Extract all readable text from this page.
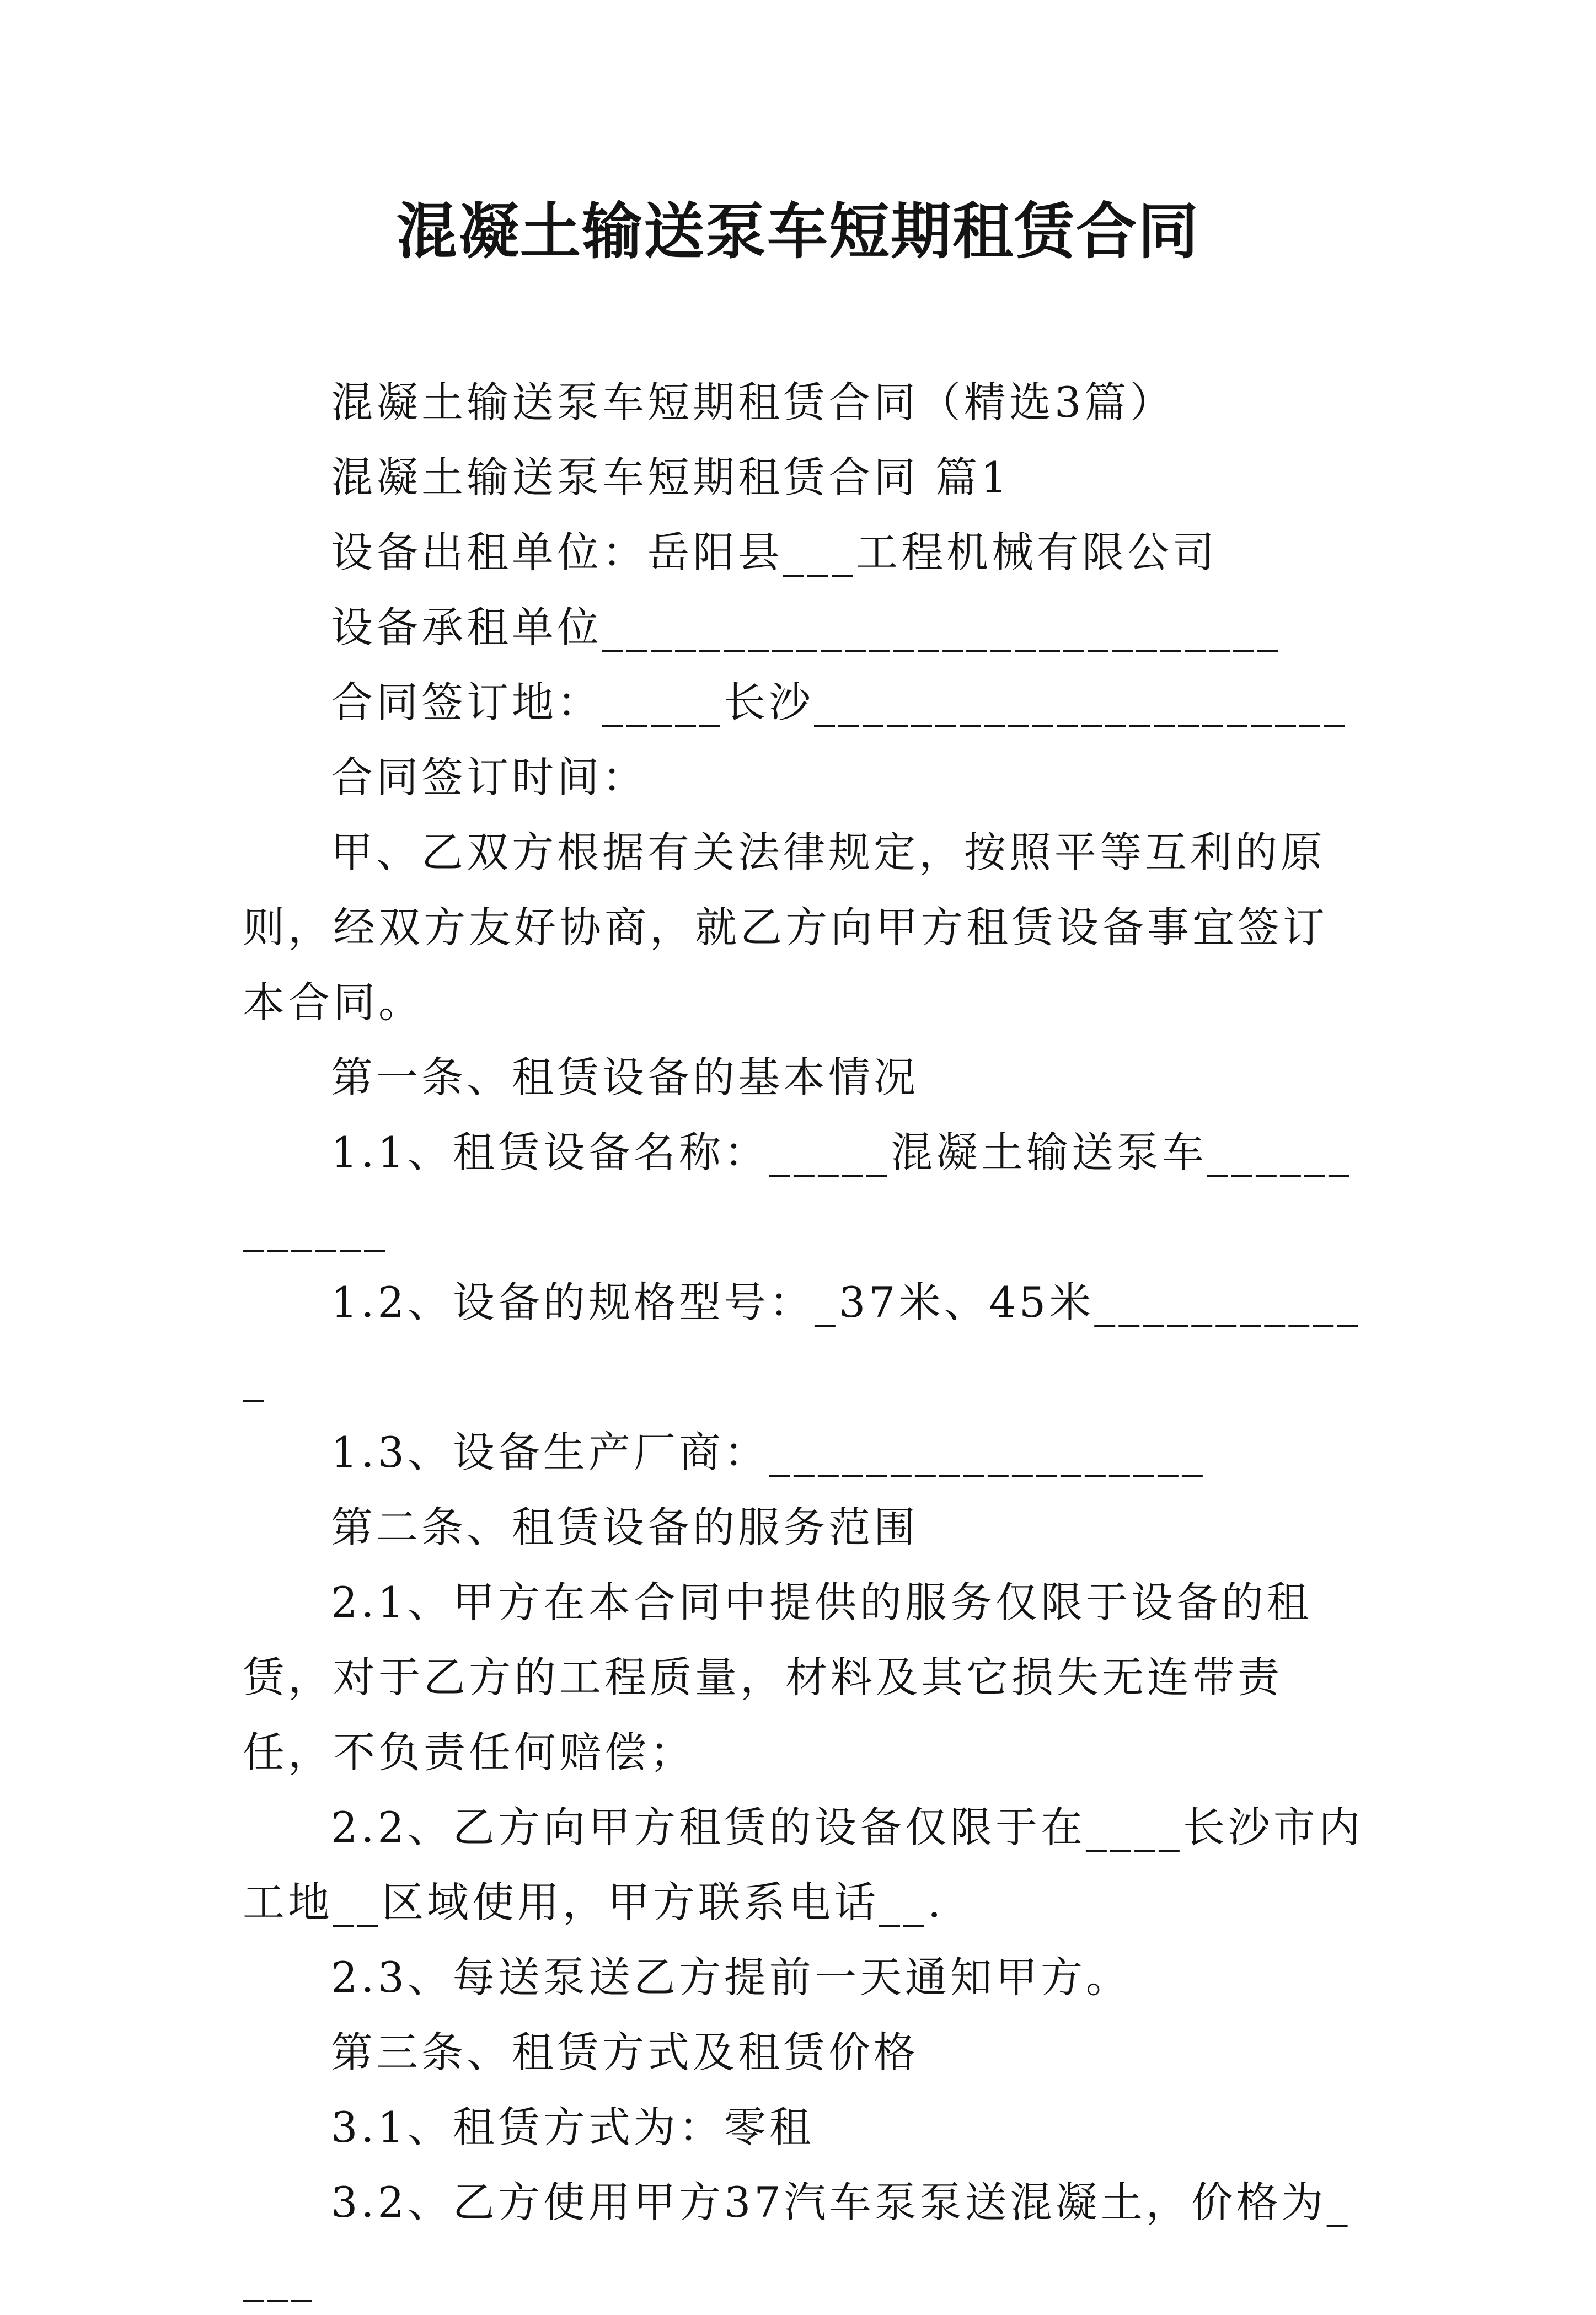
混凝土输送泵车短期租赁合同

混凝土输送泵车短期租赁合同（精选3篇）

混凝土输送泵车短期租赁合同 篇1

设备出租单位：岳阳县___工程机械有限公司

设备承租单位____________________________

合同签订地：_____长沙______________________

合同签订时间：

甲、乙双方根据有关法律规定，按照平等互利的原则，经双方友好协商，就乙方向甲方租赁设备事宜签订本合同。

第一条、租赁设备的基本情况

1.1、租赁设备名称：_____混凝土输送泵车____________

1.2、设备的规格型号：_37米、45米____________

1.3、设备生产厂商：__________________

第二条、租赁设备的服务范围

2.1、甲方在本合同中提供的服务仅限于设备的租赁，对于乙方的工程质量，材料及其它损失无连带责任，不负责任何赔偿；

2.2、乙方向甲方租赁的设备仅限于在____长沙市内工地__区域使用，甲方联系电话__.

2.3、每送泵送乙方提前一天通知甲方。

第三条、租赁方式及租赁价格

3.1、租赁方式为：零租

3.2、乙方使用甲方37汽车泵泵送混凝土，价格为____
